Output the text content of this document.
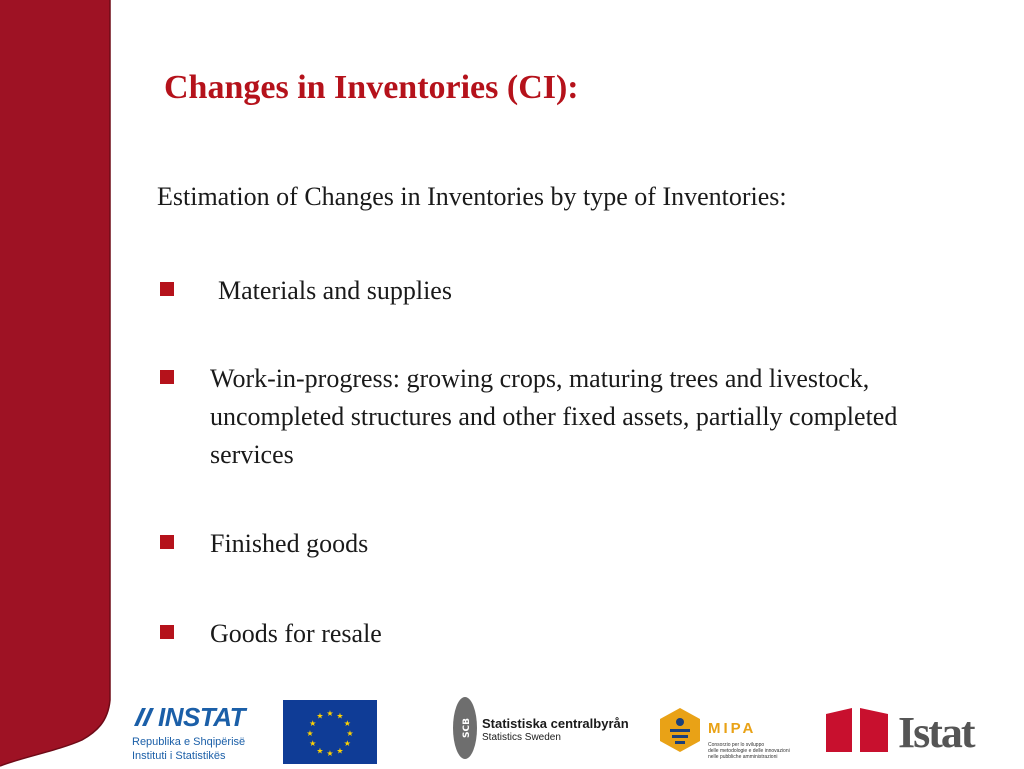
Changes in Inventories (CI):
Estimation of Changes in Inventories by type of Inventories:
Materials and supplies
Work-in-progress: growing crops, maturing trees and livestock, uncompleted structures and other fixed assets, partially completed services
Finished goods
Goods for resale
INSTAT
Republika e Shqipërisë
Instituti i Statistikës
★ ★
★
★
★
★
★
★
★
★
★
★
SCB Statistiska centralbyrån
Statistics Sweden
MIPA
Consorzio per lo sviluppo
delle metodologie e delle innovazioni
nelle pubbliche amministrazioni	Istat
